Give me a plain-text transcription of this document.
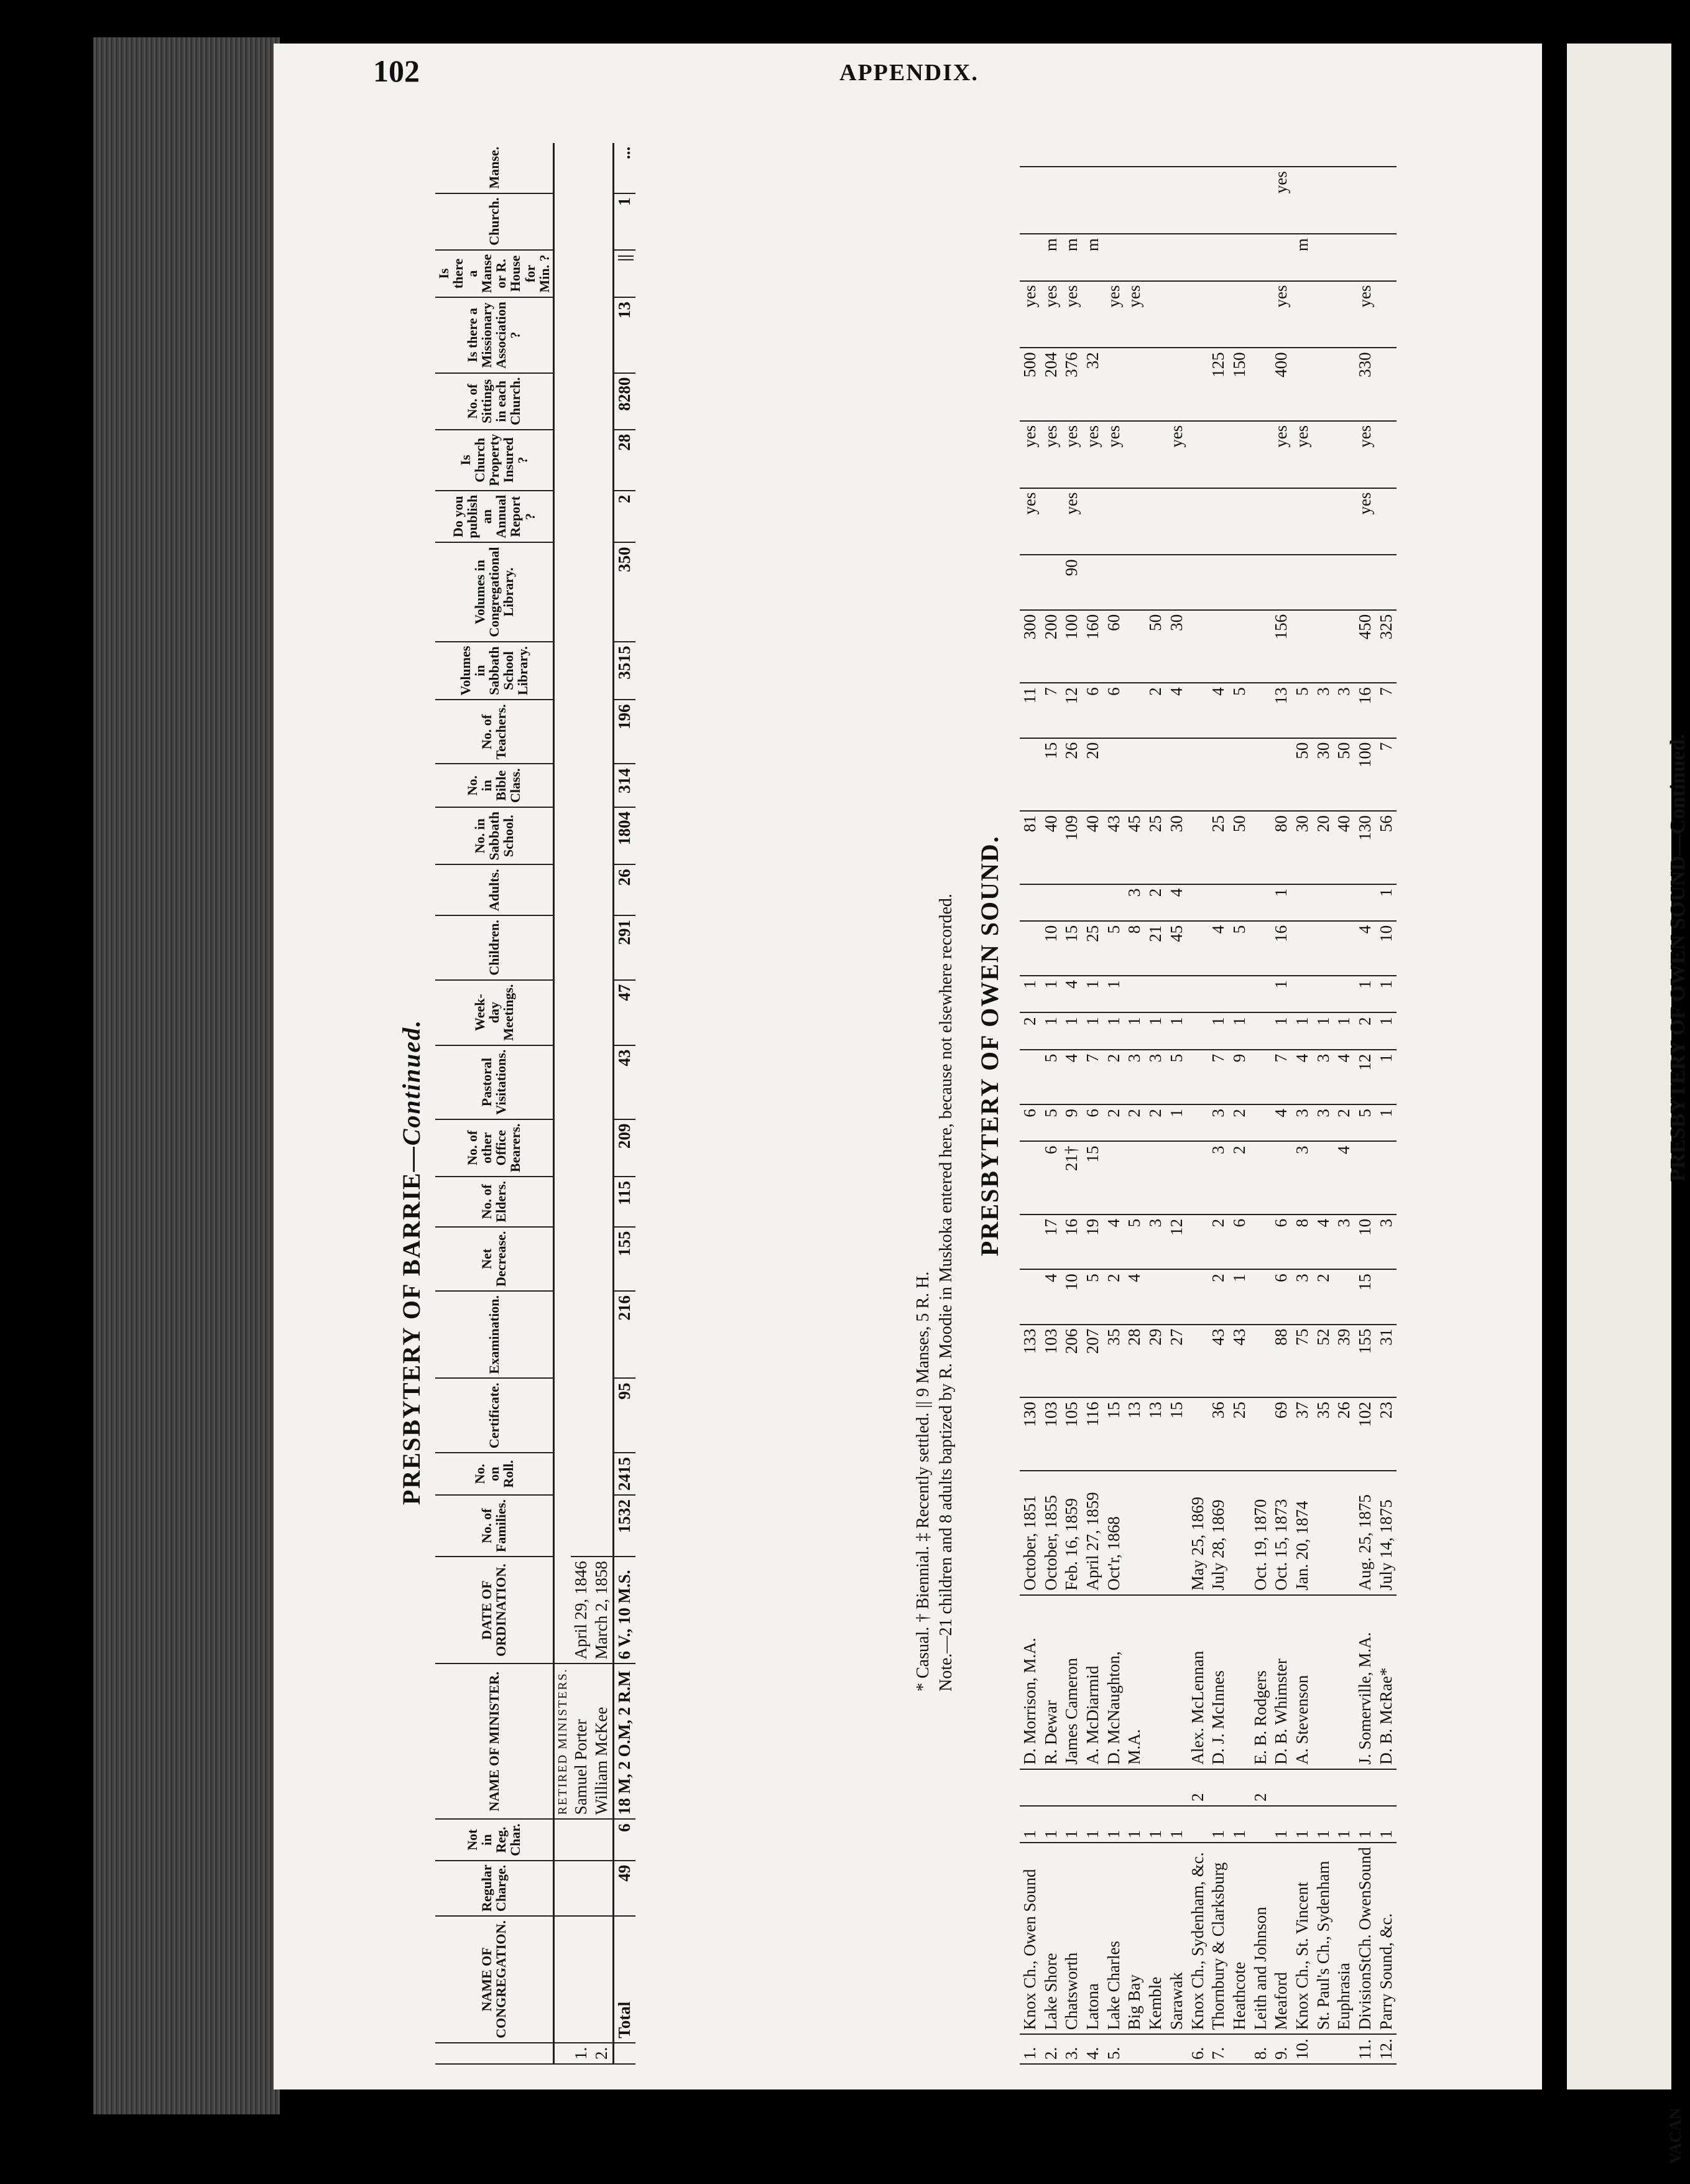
102	APPENDIX.
PRESBYTERY OF OWEN SOUND—Continued.
VACAN
PRESBYTERY OF BARRIE—Continued.
	NAME OF CONGREGATION.	Regular Charge.	Not in Reg. Char.	NAME OF MINISTER.	DATE OF ORDINATION.	No. of Families.	No. on Roll.	Certificate.	Examination.	Net Decrease.	No. of Elders.	No. of other Office Bearers.	Pastoral Visitations.	Week-day Meetings.	Children.	Adults.	No. in Sabbath School.	No. in Bible Class.	No. of Teachers.	Volumes in Sabbath School Library.	Volumes in Congregational Library.	Do you publish an Annual Report ?	Is Church Property Insured ?	No. of Sittings in each Church.	Is there a Missionary Association ?	Is there a Manse or R. House for Min. ?	Church.	Manse.
				RETIRED MINISTERS.																								
1.				Samuel Porter	April 29, 1846																							
2.				William McKee	March 2, 1858																							
	Total	49	6	18 M, 2 O.M, 2 R.M	6 V., 10 M.S.	1532	2415	95	216	155	115	209	43	47	291	26	1804	314	196	3515	350	2	28	8280	13	||	1	...
* Casual. † Biennial. ‡ Recently settled. || 9 Manses, 5 R. H. Note.—21 children and 8 adults baptized by R. Moodie in Muskoka entered here, because not elsewhere recorded. PRESBYTERY OF OWEN SOUND.
1.	Knox Ch., Owen Sound	1		D. Morrison, M.A.	October, 1851	130	133				6		2	1			81		11	300		yes	yes	500	yes			
2.	Lake Shore	1		R. Dewar	October, 1855	103	103	4	17	6	5	5	1	1	10		40	15	7	200			yes	204	yes	m		
3.	Chatsworth	1		James Cameron	Feb. 16, 1859	105	206	10	16	21†	9	4	1	4	15		109	26	12	100	90	yes	yes	376	yes	m		
4.	Latona	1		A. McDiarmid	April 27, 1859	116	207	5	19	15	6	7	1	1	25		40	20	6	160			yes	32		m		
5.	Lake Charles	1		D. McNaughton,	Oct'r, 1868	15	35	2	4		2	2	1	1	5		43		6	60			yes		yes			
	Big Bay	1		M.A.		13	28	4	5		2	3	1		8	3	45								yes			
	Kemble	1				13	29		3		2	3	1		21	2	25		2	50								
	Sarawak	1				15	27		12		1	5	1		45	4	30		4	30			yes					
6.	Knox Ch., Sydenham, &c.		2	Alex. McLennan	May 25, 1869																							
7.	Thornbury & Clarksburg	1		D. J. McInnes	July 28, 1869	36	43	2	2	3	3	7	1		4		25		4					125				
	Heathcote	1				25	43	1	6	2	2	9	1		5		50		5					150				
8.	Leith and Johnson		2	E. B. Rodgers	Oct. 19, 1870																							
9.	Meaford	1		D. B. Whimster	Oct. 15, 1873	69	88	6	6		4	7	1	1	16	1	80		13	156			yes	400	yes		yes	
10.	Knox Ch., St. Vincent	1		A. Stevenson	Jan. 20, 1874	37	75	3	8	3	3	4	1				30	50	5				yes			m		
	St. Paul's Ch., Sydenham	1				35	52	2	4		3	3	1				20	30	3									
	Euphrasia	1				26	39		3	4	2	4	1				40	50	3									
11.	DivisionStCh. OwenSound	1		J. Somerville, M.A.	Aug. 25, 1875	102	155	15	10		5	12	2	1	4		130	100	16	450		yes	yes	330	yes			
12.	Parry Sound, &c.	1		D. B. McRae*	July 14, 1875	23	31		3		1	1	1	1	10	1	56	7	7	325								
